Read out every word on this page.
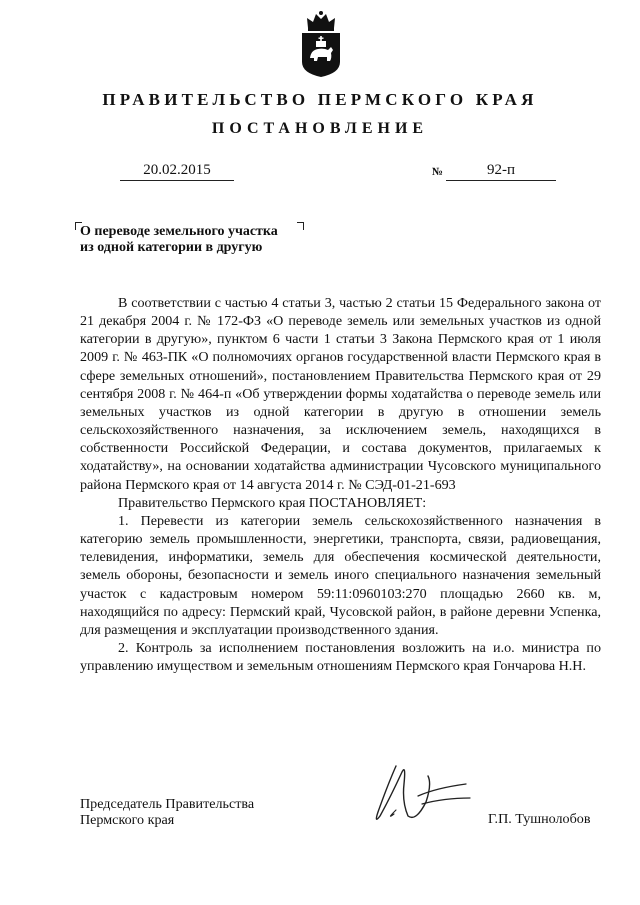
ПРАВИТЕЛЬСТВО ПЕРМСКОГО КРАЯ
ПОСТАНОВЛЕНИЕ
20.02.2015	№	92-п
О переводе земельного участка
из одной категории в другую

В соответствии с частью 4 статьи 3, частью 2 статьи 15 Федерального закона от 21 декабря 2004 г. № 172-ФЗ «О переводе земель или земельных участков из одной категории в другую», пунктом 6 части 1 статьи 3 Закона Пермского края от 1 июля 2009 г. № 463-ПК «О полномочиях органов государственной власти Пермского края в сфере земельных отношений», постановлением Правительства Пермского края от 29 сентября 2008 г. № 464-п «Об утверждении формы ходатайства о переводе земель или земельных участков из одной категории в другую в отношении земель сельскохозяйственного назначения, за исключением земель, находящихся в собственности Российской Федерации, и состава документов, прилагаемых к ходатайству», на основании ходатайства администрации Чусовского муниципального района Пермского края от 14 августа 2014 г. № СЭД-01-21-693

Правительство Пермского края ПОСТАНОВЛЯЕТ:

1. Перевести из категории земель сельскохозяйственного назначения в категорию земель промышленности, энергетики, транспорта, связи, радиовещания, телевидения, информатики, земель для обеспечения космической деятельности, земель обороны, безопасности и земель иного специального назначения земельный участок с кадастровым номером 59:11:0960103:270 площадью 2660 кв. м, находящийся по адресу: Пермский край, Чусовской район, в районе деревни Успенка, для размещения и эксплуатации производственного здания.

2. Контроль за исполнением постановления возложить на и.о. министра по управлению имуществом и земельным отношениям Пермского края Гончарова Н.Н.

Председатель Правительства
Пермского края	Г.П. Тушнолобов
